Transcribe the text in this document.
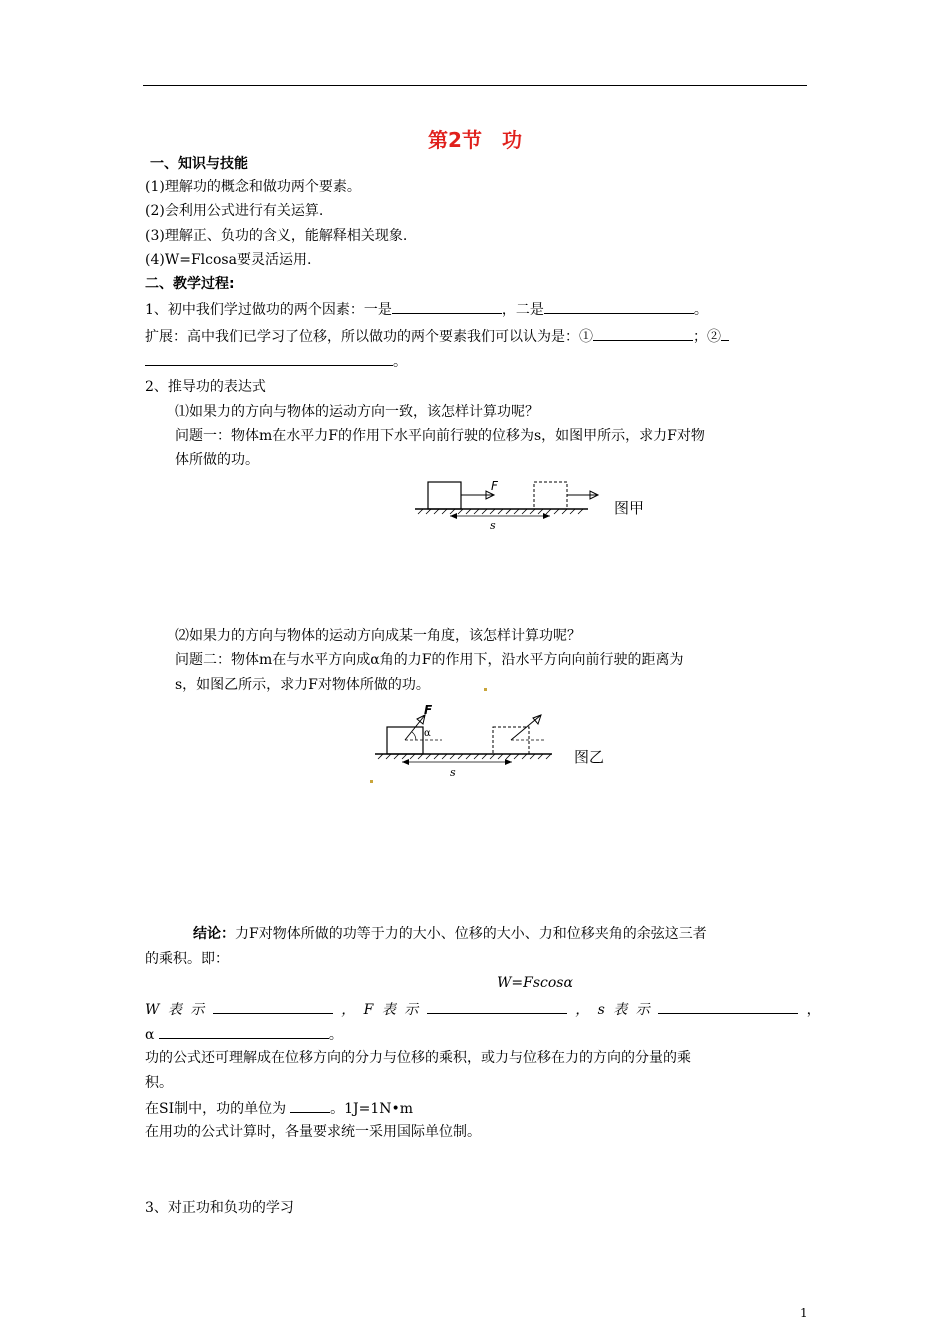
第2节　功
一、知识与技能
(1)理解功的概念和做功两个要素。
(2)会利用公式进行有关运算.
(3)理解正、负功的含义，能解释相关现象.
(4)W=Flcosa要灵活运用.
二、教学过程:
1、初中我们学过做功的两个因素：一是	，二是	。
扩展：高中我们已学习了位移，所以做功的两个要素我们可以认为是：①	；②
。
2、推导功的表达式
⑴如果力的方向与物体的运动方向一致，该怎样计算功呢？
问题一：物体m在水平力F的作用下水平向前行驶的位移为s，如图甲所示，求力F对物
体所做的功。
F
s
图甲
⑵如果力的方向与物体的运动方向成某一角度，该怎样计算功呢？
问题二：物体m在与水平方向成α角的力F的作用下，沿水平方向向前行驶的距离为
s，如图乙所示，求力F对物体所做的功。
F
α
s
图乙
结论：力F对物体所做的功等于力的大小、位移的大小、力和位移夹角的余弦这三者
的乘积。即：
W=Fscosα
W 表 示	， F 表 示	， s 表 示	，
α	。
功的公式还可理解成在位移方向的分力与位移的乘积，或力与位移在力的方向的分量的乘
积。
在SI制中，功的单位为	。1J=1N•m
在用功的公式计算时，各量要求统一采用国际单位制。
3、对正功和负功的学习
1
